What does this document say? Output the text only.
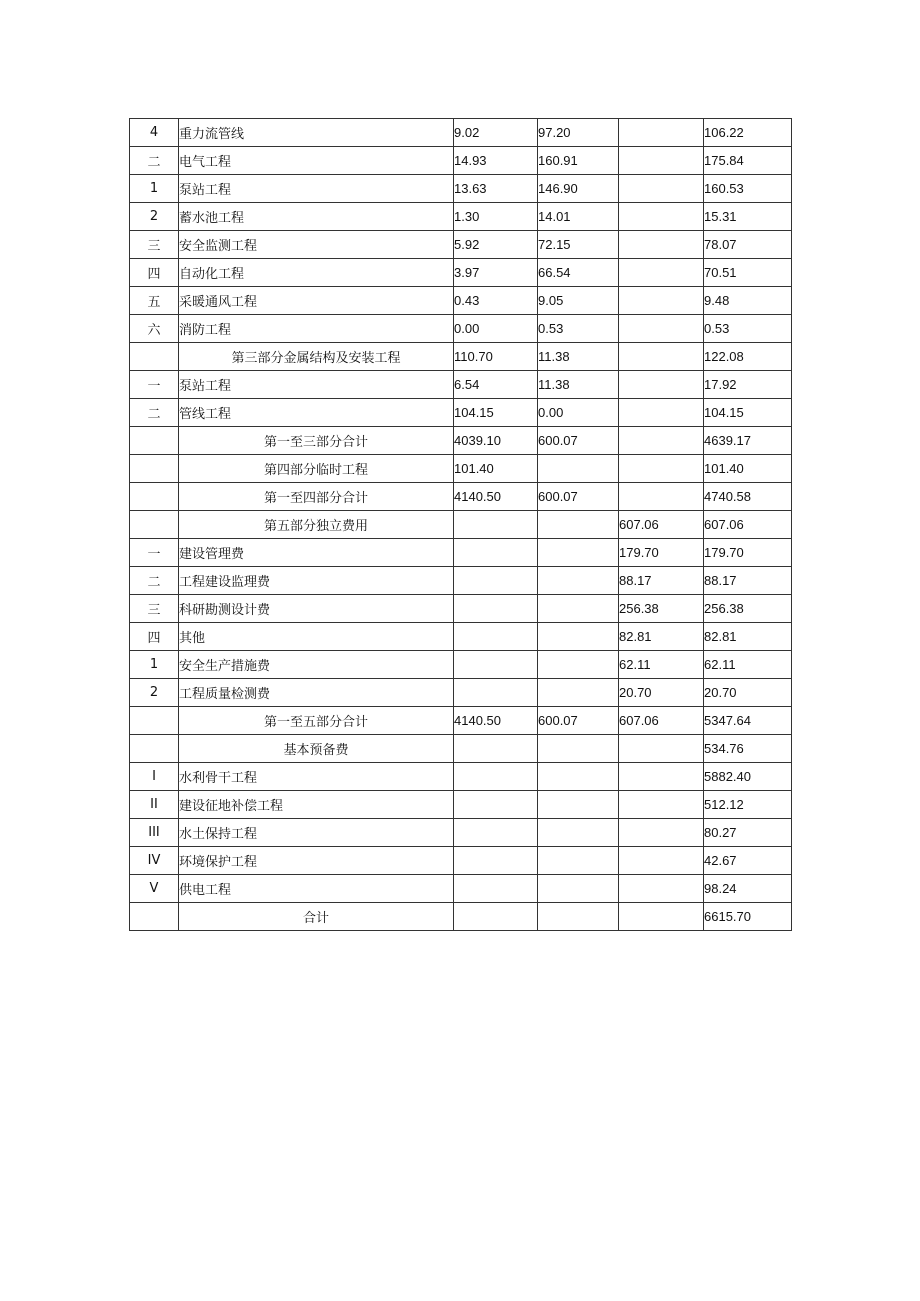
4	重力流管线	9.02	97.20		106.22
二	电气工程	14.93	160.91		175.84
1	泵站工程	13.63	146.90		160.53
2	蓄水池工程	1.30	14.01		15.31
三	安全监测工程	5.92	72.15		78.07
四	自动化工程	3.97	66.54		70.51
五	采暖通风工程	0.43	9.05		9.48
六	消防工程	0.00	0.53		0.53
	第三部分金属结构及安装工程	110.70	11.38		122.08
一	泵站工程	6.54	11.38		17.92
二	管线工程	104.15	0.00		104.15
	第一至三部分合计	4039.10	600.07		4639.17
	第四部分临时工程	101.40			101.40
	第一至四部分合计	4140.50	600.07		4740.58
	第五部分独立费用			607.06	607.06
一	建设管理费			179.70	179.70
二	工程建设监理费			88.17	88.17
三	科研勘测设计费			256.38	256.38
四	其他			82.81	82.81
1	安全生产措施费			62.11	62.11
2	工程质量检测费			20.70	20.70
	第一至五部分合计	4140.50	600.07	607.06	5347.64
	基本预备费				534.76
I	水利骨干工程				5882.40
II	建设征地补偿工程				512.12
III	水土保持工程				80.27
IV	环境保护工程				42.67
V	供电工程				98.24
	合计				6615.70
